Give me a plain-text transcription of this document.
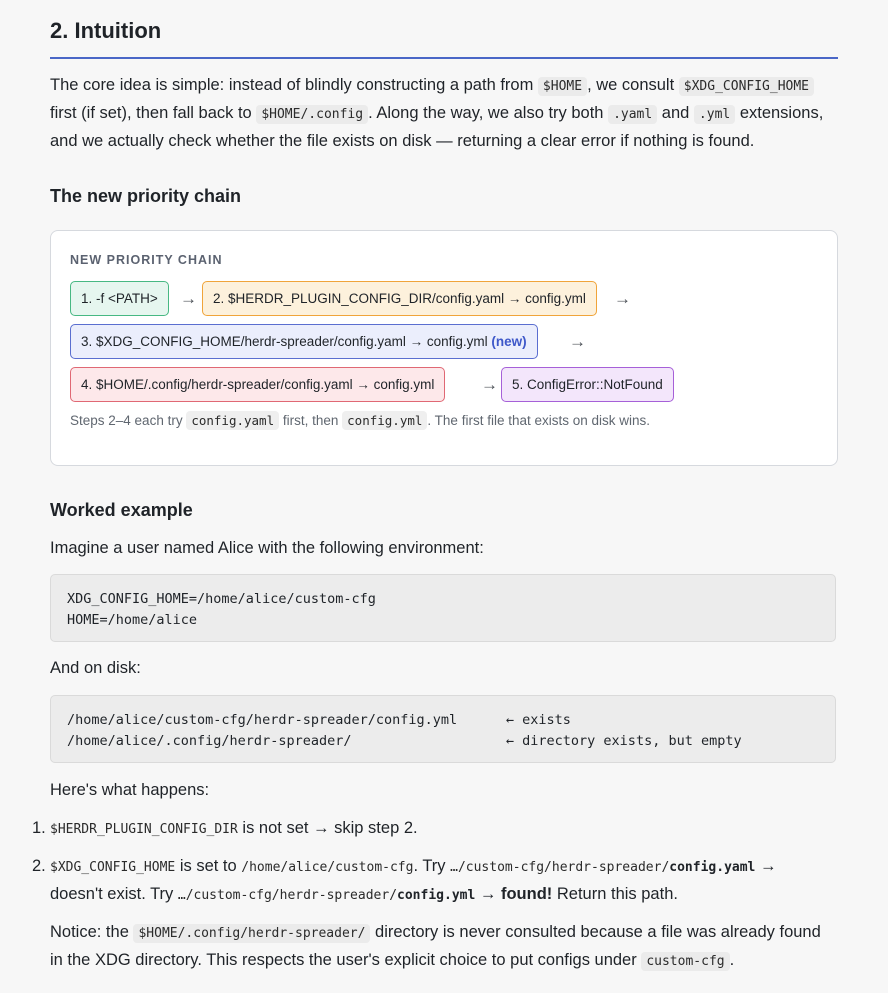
2. Intuition

The core idea is simple: instead of blindly constructing a path from $HOME , we consult $XDG_CONFIG_HOME
first (if set), then fall back to $HOME/.config . Along the way, we also try both .yaml and .yml extensions,
and we actually check whether the file exists on disk — returning a clear error if nothing is found.

The new priority chain
NEW PRIORITY CHAIN
1. -f <PATH>	→	2. $HERDR_PLUGIN_CONFIG_DIR/config.yaml → config.yml	→
3. $XDG_CONFIG_HOME/herdr-spreader/config.yaml → config.yml (new)	→
4. $HOME/.config/herdr-spreader/config.yaml → config.yml	→	5. ConfigError::NotFound
Steps 2–4 each try config.yaml first, then config.yml . The first file that exists on disk wins.
Worked example

Imagine a user named Alice with the following environment:

XDG_CONFIG_HOME=/home/alice/custom-cfg
HOME=/home/alice

And on disk:

/home/alice/custom-cfg/herdr-spreader/config.yml      ← exists
/home/alice/.config/herdr-spreader/                   ← directory exists, but empty

Here's what happens:

1. $HERDR_PLUGIN_CONFIG_DIR is not set → skip step 2.
2. $XDG_CONFIG_HOME is set to /home/alice/custom-cfg. Try …/custom-cfg/herdr-spreader/config.yaml →
doesn't exist. Try …/custom-cfg/herdr-spreader/config.yml → found! Return this path.

Notice: the $HOME/.config/herdr-spreader/ directory is never consulted because a file was already found
in the XDG directory. This respects the user's explicit choice to put configs under custom-cfg .
